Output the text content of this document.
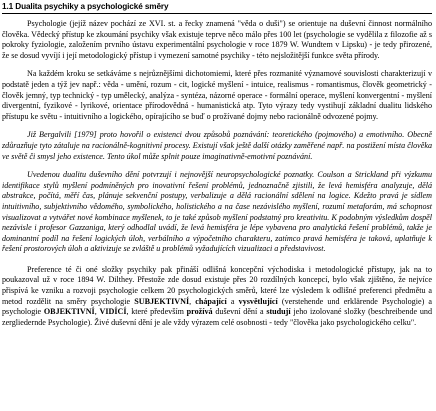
1.1 Dualita psychiky a psychologické směry

Psychologie (jejíž název pochází ze XVI. st. a řecky znamená "věda o duši") se orientuje na duševní činnost normálního člověka. Vědecký přístup ke zkoumání psychiky však existuje teprve něco málo přes 100 let (psychologie se vydělila z filozofie až s pokroky fyziologie, založením prvního ústavu experimentální psychologie v roce 1879 W. Wundtem v Lipsku) - je tedy přirozené, že se dosud vyvíjí i její metodologický přístup i vymezení samotné psychiky - této nejsložitější funkce světa přírody.

Na každém kroku se setkáváme s nejrůznějšími dichotomiemi, které přes rozmanité významové souvislosti charakterizují v podstatě jeden a týž jev např.: věda - umění, rozum - cit, logické myšlení - intuice, realismus - romantismus, člověk geometrický - člověk jemný, typ technický - typ umělecký, analýza - syntéza, názorné operace - formální operace, myšlení konvergentní - myšlení divergentní, fyzikové - lyrikové, orientace přírodovědná - humanistická atp. Tyto výrazy tedy vystihují základní dualitu lidského přístupu ke světu - intuitivního a logického, opírajícího se buď o prožívané dojmy nebo racionálně odvozené pojmy.

Již Bergalvili [1979] proto hovořil o existenci dvou způsobů poznávání: teoretického (pojmového) a emotivního. Obecně zdůrazňuje tyto zátaluje na racionálně-kognitivní procesy. Existují však ještě další otázky zaměřené např. na postižení místa člověka ve světě či smysl jeho existence. Tento úkol může splnit pouze imaginativně-emotivní poznávání.

Uvedenou dualitu duševního dění potvrzují i nejnovější neuropsychologické poznatky. Coulson a Strickland při výzkumu identifikace stylů myšlení podmíněných pro inovativní řešení problémů, jednoznačně zjistili, že levá hemisféra analyzuje, dělá abstrakce, počítá, měří čas, plánuje sekvenční postupy, verbalizuje a dělá racionální sdělení na logice. Kdežto pravá je sídlem intuitivního, subjektivního vědomého, symbolického, holistického a na čase nezávislého myšlení, rozumí metaforám, má schopnost visualizovat a vytvářet nové kombinace myšlenek, to je také způsob myšlení podstatný pro kreativitu. K podobným výsledkům dospěl nezávisle i profesor Gazzaniga, který odhodlal uvádí, že levá hemisféra je lépe vybavena pro analytická řešení problémů, takže je dominantní podíl na řešení logických úloh, verbálního a výpočetního charakteru, zatímco pravá hemisféra je taková, uplatňuje k řešení prostorových úloh a aktivizuje se zvláště u problémů vyžadujících vizualizaci a představivost.

Preference té či oné složky psychiky pak přináší odlišná koncepční východiska i metodologické přístupy, jak na to poukazoval už v roce 1894 W. Dilthey. Přestože zde dosud existuje přes 20 rozdílných koncepcí, bylo však zjištěno, že nejvíce přispívá ke vzniku a rozvoji psychologie celkem 20 psychologických směrů, které lze výsledem k odlišné preferenci předmětu a metod rozdělit na směry psychologie SUBJEKTIVNÍ, chápající a vysvětlující (verstehende und erklärende Psychologie) a psychologie OBJEKTIVNÍ, VIDÍCÍ, které především prožívá duševní dění a studují jeho izolované složky (beschreibende und zergliedernde Psychologie). Živé duševní dění je ale vždy výrazem celé osobnosti - tedy "člověka jako psychologického celku".
